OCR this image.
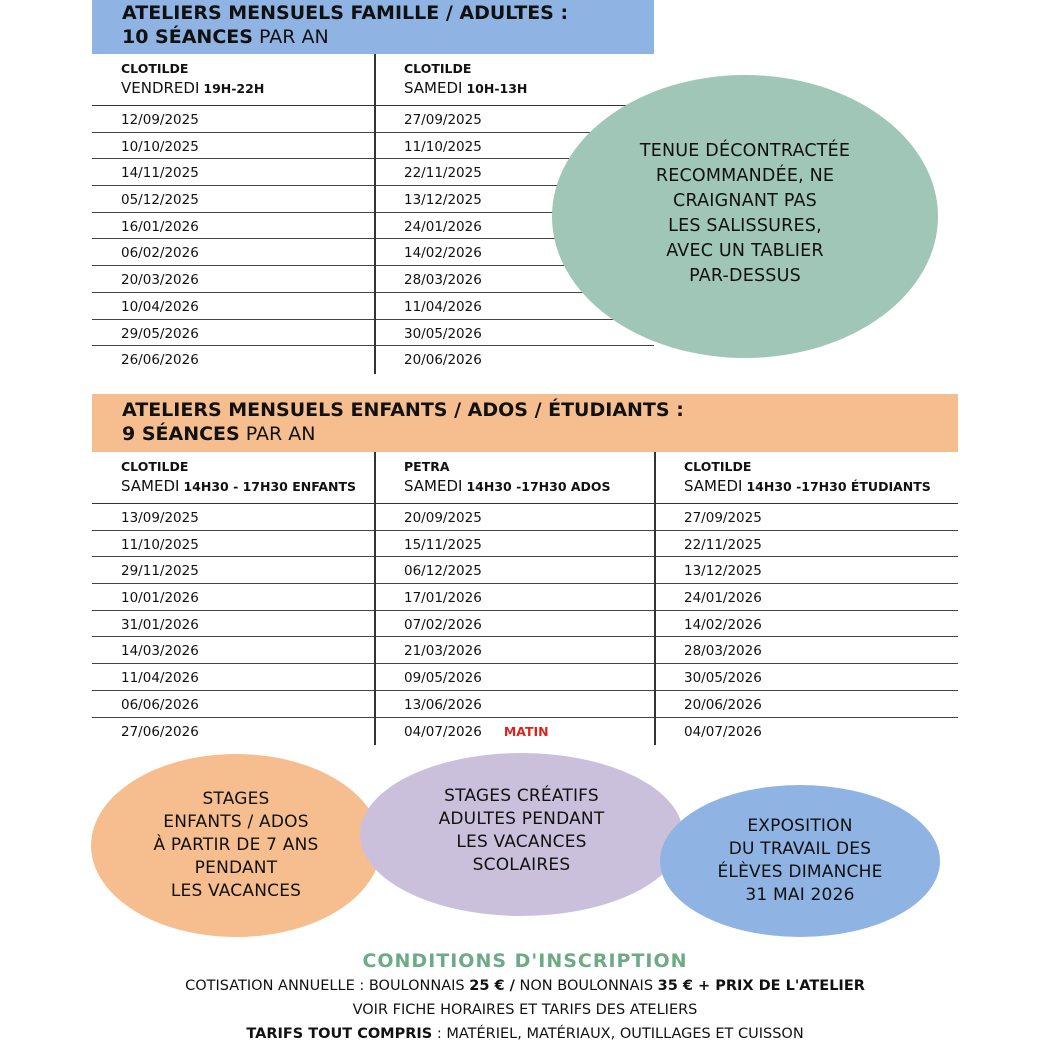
ATELIERS MENSUELS FAMILLE / ADULTES :
10 SÉANCES PAR AN
CLOTILDE
VENDREDI 19H-22H
12/09/2025
10/10/2025
14/11/2025
05/12/2025
16/01/2026
06/02/2026
20/03/2026
10/04/2026
29/05/2026
26/06/2026
CLOTILDE
SAMEDI 10H-13H
27/09/2025
11/10/2025
22/11/2025
13/12/2025
24/01/2026
14/02/2026
28/03/2026
11/04/2026
30/05/2026
20/06/2026
TENUE DÉCONTRACTÉE
RECOMMANDÉE, NE
CRAIGNANT PAS
LES SALISSURES,
AVEC UN TABLIER
PAR-DESSUS
ATELIERS MENSUELS ENFANTS / ADOS / ÉTUDIANTS :
9 SÉANCES PAR AN
CLOTILDE
SAMEDI 14H30 - 17H30 ENFANTS
13/09/2025
11/10/2025
29/11/2025
10/01/2026
31/01/2026
14/03/2026
11/04/2026
06/06/2026
27/06/2026
PETRA
SAMEDI 14H30 -17H30 ADOS
20/09/2025
15/11/2025
06/12/2025
17/01/2026
07/02/2026
21/03/2026
09/05/2026
13/06/2026
04/07/2026 MATIN
CLOTILDE
SAMEDI 14H30 -17H30 ÉTUDIANTS
27/09/2025
22/11/2025
13/12/2025
24/01/2026
14/02/2026
28/03/2026
30/05/2026
20/06/2026
04/07/2026
STAGES
ENFANTS / ADOS
À PARTIR DE 7 ANS
PENDANT
LES VACANCES
STAGES CRÉATIFS
ADULTES PENDANT
LES VACANCES
SCOLAIRES
EXPOSITION
DU TRAVAIL DES
ÉLÈVES DIMANCHE
31 MAI 2026
CONDITIONS D'INSCRIPTION
COTISATION ANNUELLE : BOULONNAIS 25 € / NON BOULONNAIS 35 € + PRIX DE L'ATELIER
VOIR FICHE HORAIRES ET TARIFS DES ATELIERS
TARIFS TOUT COMPRIS : MATÉRIEL, MATÉRIAUX, OUTILLAGES ET CUISSON
